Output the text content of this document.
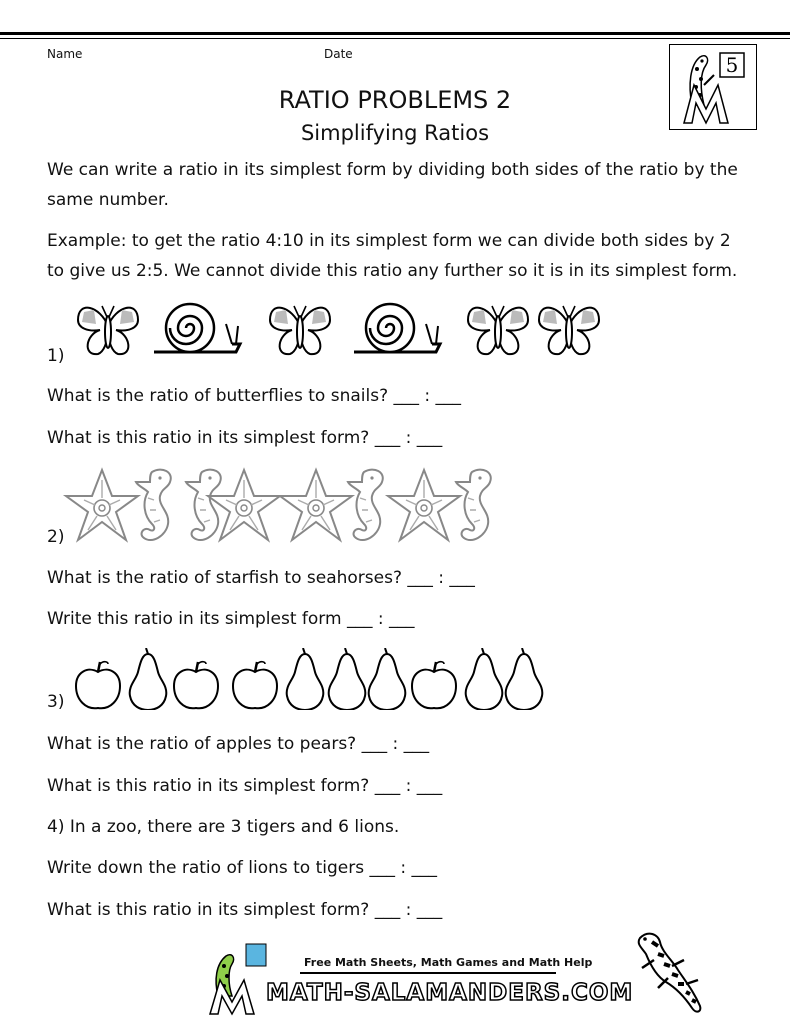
Name	Date	5
RATIO PROBLEMS 2
Simplifying Ratios
We can write a ratio in its simplest form by dividing both sides of the ratio by the same number.
Example: to get the ratio 4:10 in its simplest form we can divide both sides by 2 to give us 2:5. We cannot divide this ratio any further so it is in its simplest form.
1)
What is the ratio of butterflies to snails? ___ : ___
What is this ratio in its simplest form? ___ : ___
2)
What is the ratio of starfish to seahorses? ___ : ___
Write this ratio in its simplest form ___ : ___
3)
What is the ratio of apples to pears? ___ : ___
What is this ratio in its simplest form? ___ : ___
4) In a zoo, there are 3 tigers and 6 lions.
Write down the ratio of lions to tigers ___ : ___
What is this ratio in its simplest form? ___ : ___
Free Math Sheets, Math Games and Math Help
MATH-SALAMANDERS.COM
